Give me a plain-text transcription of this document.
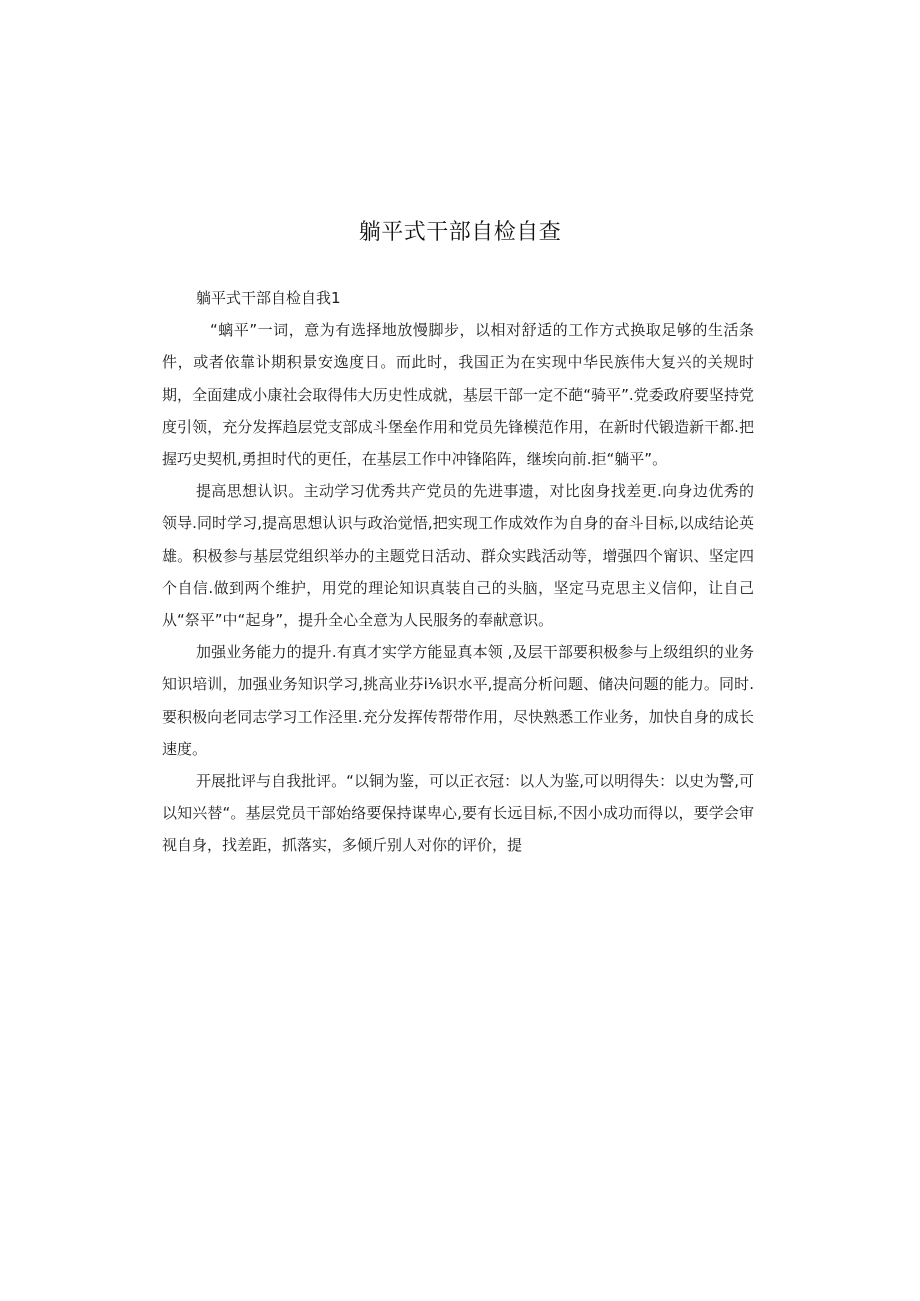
躺平式干部自检自查

躺平式干部自检自我1

“螭平”一词，意为有选择地放慢脚步，以相对舒适的工作方式换取足够的生活条件，或者依靠讣期积景安逸度日。而此时，我国正为在实现中华民族伟大复兴的关规时期，全面建成小康社会取得伟大历史性成就，基层干部一定不葩“骑平”.党委政府要坚持党度引领，充分发挥趋层党支部成斗堡垒作用和党员先锋模范作用，在新时代锻造新干都.把握巧史契机,勇担时代的更任，在基层工作中冲锋陷阵，继埃向前.拒“躺平”。

提高思想认识。主动学习优秀共产党员的先进事遗，对比囱身找差更.向身边优秀的领导.同时学习,提高思想认识与政治觉悟,把实现工作成效作为自身的奋斗目标,以成结论英雄。积极参与基层党组织举办的主题党日活动、群众实践活动等，增强四个甯识、坚定四个自信.做到两个维护，用党的理论知识真装自己的头脑，坚定马克思主义信仰，让自己从“祭平”中“起身”，提升全心全意为人民服务的奉献意识。

加强业务能力的提升.有真才实学方能显真本领 ,及层干部要积极参与上级组织的业务知识培训，加强业务知识学习,挑高业芬i⅛识水平,提高分析问题、储决问题的能力。同时.要积极向老同志学习工作泾里.充分发挥传帮带作用，尽快熟悉工作业务，加快自身的成长速度。

开展批评与自我批评。“以铜为鉴，可以正衣冠：以人为鉴,可以明得失：以史为警,可以知兴替“。基层党员干部始络要保持谋卑心,要有长远目标,不因小成功而得以，要学会审视自身，找差距，抓落实，多倾斤别人对你的评价，提
